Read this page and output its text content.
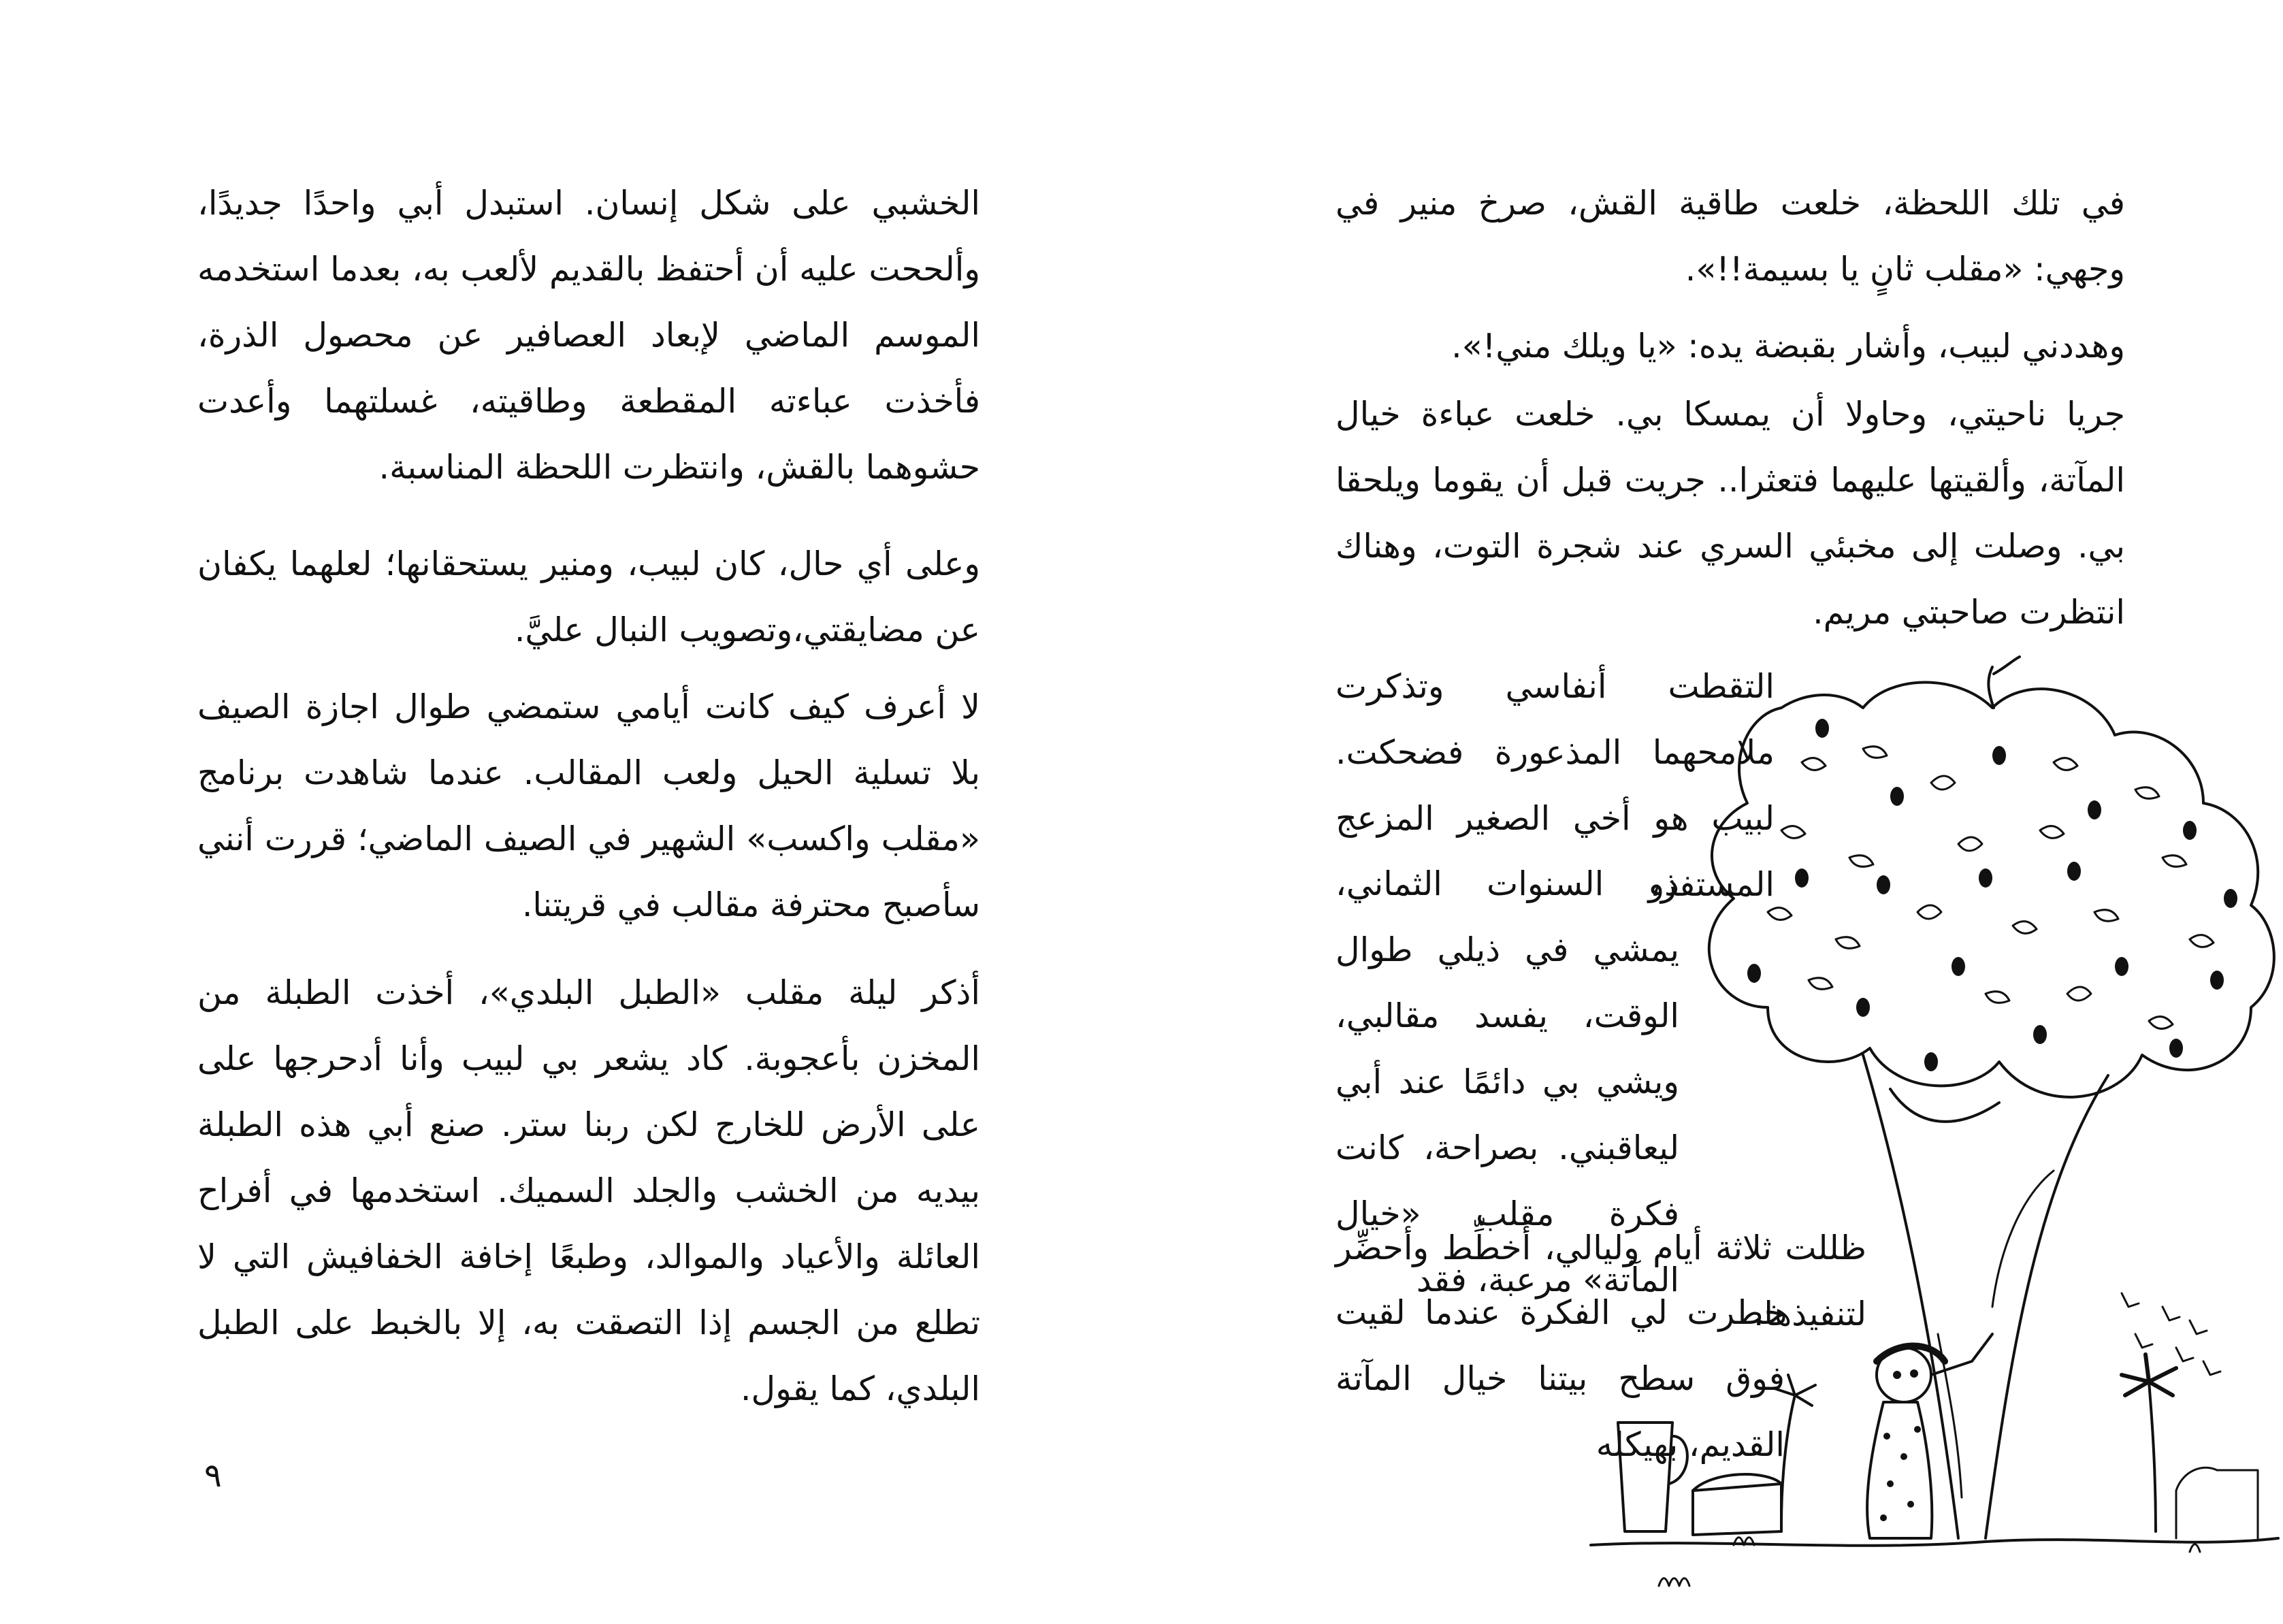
الخشبي على شكل إنسان. استبدل أبي واحدًا جديدًا، وألححت عليه أن أحتفظ بالقديم لألعب به، بعدما استخدمه الموسم الماضي لإبعاد العصافير عن محصول الذرة، فأخذت عباءته المقطعة وطاقيته، غسلتهما وأعدت حشوهما بالقش، وانتظرت اللحظة المناسبة.

وعلى أي حال، كان لبيب، ومنير يستحقانها؛ لعلهما يكفان عن مضايقتي،وتصويب النبال عليَّ.

لا أعرف كيف كانت أيامي ستمضي طوال اجازة الصيف بلا تسلية الحيل ولعب المقالب. عندما شاهدت برنامج «مقلب واكسب» الشهير في الصيف الماضي؛ قررت أنني سأصبح محترفة مقالب في قريتنا.

أذكر ليلة مقلب «الطبل البلدي»، أخذت الطبلة من المخزن بأعجوبة. كاد يشعر بي لبيب وأنا أدحرجها على على الأرض للخارج لكن ربنا ستر. صنع أبي هذه الطبلة بيديه من الخشب والجلد السميك. استخدمها في أفراح العائلة والأعياد والموالد، وطبعًا إخافة الخفافيش التي لا تطلع من الجسم إذا التصقت به، إلا بالخبط على الطبل البلدي، كما يقول.

٩

في تلك اللحظة، خلعت طاقية القش، صرخ منير في وجهي: «مقلب ثانٍ يا بسيمة!!».

وهددني لبيب، وأشار بقبضة يده: «يا ويلك مني!».

جريا ناحيتي، وحاولا أن يمسكا بي. خلعت عباءة خيال المآتة، وألقيتها عليهما فتعثرا.. جريت قبل أن يقوما ويلحقا بي. وصلت إلى مخبئي السري عند شجرة التوت، وهناك انتظرت صاحبتي مريم.

التقطت أنفاسي وتذكرت ملامحهما المذعورة فضحكت. لبيب هو أخي الصغير المزعج المستفز،

ذو السنوات الثماني، يمشي في ذيلي طوال الوقت، يفسد مقالبي، ويشي بي دائمًا عند أبي ليعاقبني. بصراحة، كانت فكرة مقلب «خيال المآتة» مرعبة، فقد

ظللت ثلاثة أيام وليالي، أخطِّط وأحضِّر لتنفيذها.

خطرت لي الفكرة عندما لقيت فوق سطح بيتنا خيال المآتة القديم، بهيكله
